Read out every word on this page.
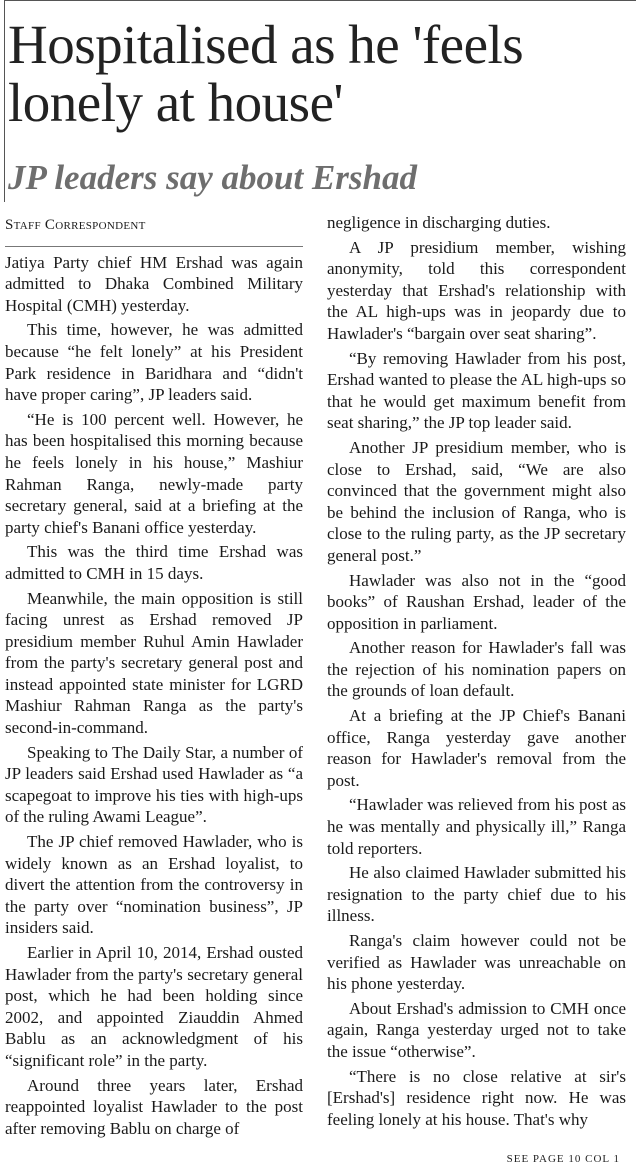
Hospitalised as he 'feels lonely at house'
JP leaders say about Ershad
Staff Correspondent

Jatiya Party chief HM Ershad was again admitted to Dhaka Combined Military Hospital (CMH) yesterday.

This time, however, he was admitted because “he felt lonely” at his President Park residence in Baridhara and “didn't have proper caring”, JP leaders said.

“He is 100 percent well. However, he has been hospitalised this morning because he feels lonely in his house,” Mashiur Rahman Ranga, newly-made party secretary general, said at a briefing at the party chief's Banani office yesterday.

This was the third time Ershad was admitted to CMH in 15 days.

Meanwhile, the main opposition is still facing unrest as Ershad removed JP presidium member Ruhul Amin Hawlader from the party's secretary general post and instead appointed state minister for LGRD Mashiur Rahman Ranga as the party's second-in-command.

Speaking to The Daily Star, a number of JP leaders said Ershad used Hawlader as “a scapegoat to improve his ties with high-ups of the ruling Awami League”.

The JP chief removed Hawlader, who is widely known as an Ershad loyalist, to divert the attention from the controversy in the party over “nomination business”, JP insiders said.

Earlier in April 10, 2014, Ershad ousted Hawlader from the party's secretary general post, which he had been holding since 2002, and appointed Ziauddin Ahmed Bablu as an acknowledgment of his “significant role” in the party.

Around three years later, Ershad reappointed loyalist Hawlader to the post after removing Bablu on charge of

negligence in discharging duties.

A JP presidium member, wishing anonymity, told this correspondent yesterday that Ershad's relationship with the AL high-ups was in jeopardy due to Hawlader's “bargain over seat sharing”.

“By removing Hawlader from his post, Ershad wanted to please the AL high-ups so that he would get maximum benefit from seat sharing,” the JP top leader said.

Another JP presidium member, who is close to Ershad, said, “We are also convinced that the government might also be behind the inclusion of Ranga, who is close to the ruling party, as the JP secretary general post.”

Hawlader was also not in the “good books” of Raushan Ershad, leader of the opposition in parliament.

Another reason for Hawlader's fall was the rejection of his nomination papers on the grounds of loan default.

At a briefing at the JP Chief's Banani office, Ranga yesterday gave another reason for Hawlader's removal from the post.

“Hawlader was relieved from his post as he was mentally and physically ill,” Ranga told reporters.

He also claimed Hawlader submitted his resignation to the party chief due to his illness.

Ranga's claim however could not be verified as Hawlader was unreachable on his phone yesterday.

About Ershad's admission to CMH once again, Ranga yesterday urged not to take the issue “otherwise”.

“There is no close relative at sir's [Ershad's] residence right now. He was feeling lonely at his house. That's why

SEE PAGE 10 COL 1
